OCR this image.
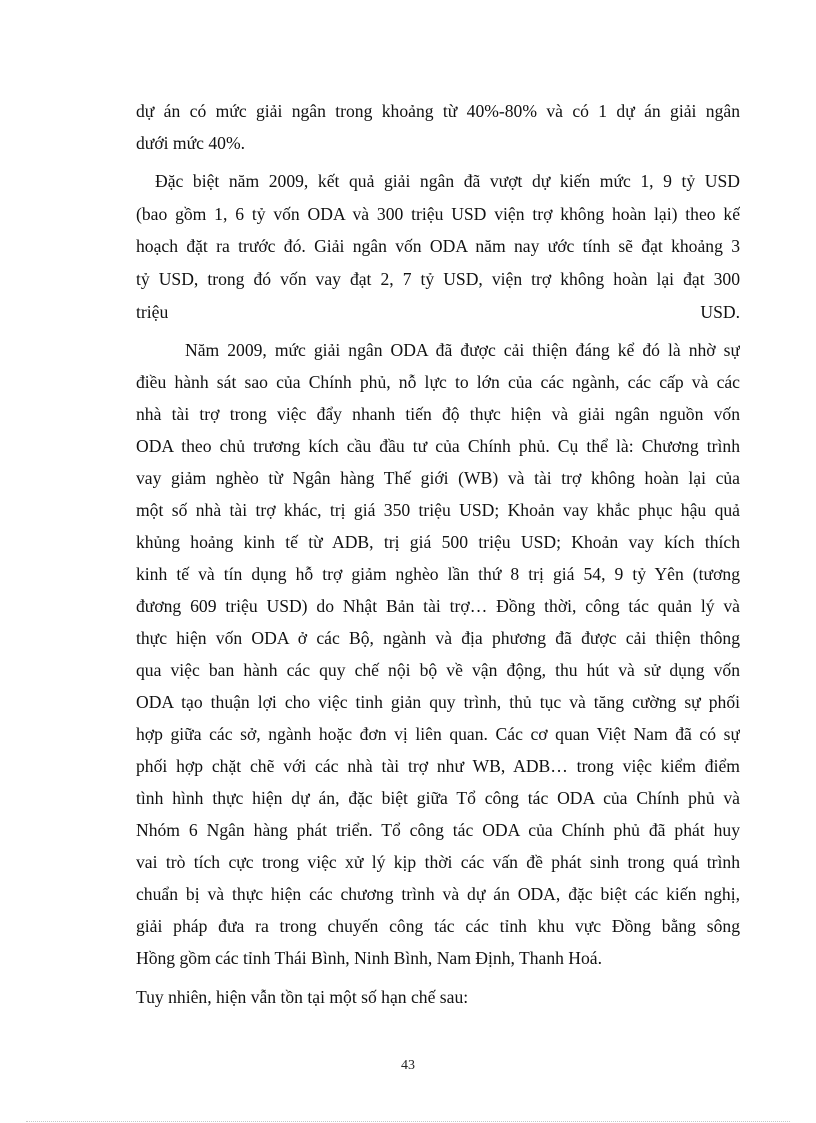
dự án có mức giải ngân trong khoảng từ 40%-80% và có 1 dự án giải ngân
dưới mức 40%.
Đặc biệt năm 2009, kết quả giải ngân đã vượt dự kiến mức 1, 9 tỷ USD
(bao gồm 1, 6 tỷ vốn ODA và 300 triệu USD viện trợ không hoàn lại) theo kế
hoạch đặt ra trước đó. Giải ngân vốn ODA năm nay ước tính sẽ đạt khoảng 3
tỷ USD, trong đó vốn vay đạt 2, 7 tỷ USD, viện trợ không hoàn lại đạt 300
triệu USD.
Năm 2009, mức giải ngân ODA đã được cải thiện đáng kể đó là nhờ sự
điều hành sát sao của Chính phủ, nỗ lực to lớn của các ngành, các cấp và các
nhà tài trợ trong việc đẩy nhanh tiến độ thực hiện và giải ngân nguồn vốn
ODA theo chủ trương kích cầu đầu tư của Chính phủ. Cụ thể là: Chương trình
vay giảm nghèo từ Ngân hàng Thế giới (WB) và tài trợ không hoàn lại của
một số nhà tài trợ khác, trị giá 350 triệu USD; Khoản vay khắc phục hậu quả
khủng hoảng kinh tế từ ADB, trị giá 500 triệu USD; Khoản vay kích thích
kinh tế và tín dụng hỗ trợ giảm nghèo lần thứ 8 trị giá 54, 9 tỷ Yên (tương
đương 609 triệu USD) do Nhật Bản tài trợ… Đồng thời, công tác quản lý và
thực hiện vốn ODA ở các Bộ, ngành và địa phương đã được cải thiện thông
qua việc ban hành các quy chế nội bộ về vận động, thu hút và sử dụng vốn
ODA tạo thuận lợi cho việc tinh giản quy trình, thủ tục và tăng cường sự phối
hợp giữa các sở, ngành hoặc đơn vị liên quan. Các cơ quan Việt Nam đã có sự
phối hợp chặt chẽ với các nhà tài trợ như WB, ADB… trong việc kiểm điểm
tình hình thực hiện dự án, đặc biệt giữa Tổ công tác ODA của Chính phủ và
Nhóm 6 Ngân hàng phát triển. Tổ công tác ODA của Chính phủ đã phát huy
vai trò tích cực trong việc xử lý kịp thời các vấn đề phát sinh trong quá trình
chuẩn bị và thực hiện các chương trình và dự án ODA, đặc biệt các kiến nghị,
giải pháp đưa ra trong chuyến công tác các tỉnh khu vực Đồng bằng sông
Hồng gồm các tỉnh Thái Bình, Ninh Bình, Nam Định, Thanh Hoá.
Tuy nhiên, hiện vẫn tồn tại một số hạn chế sau:
43
